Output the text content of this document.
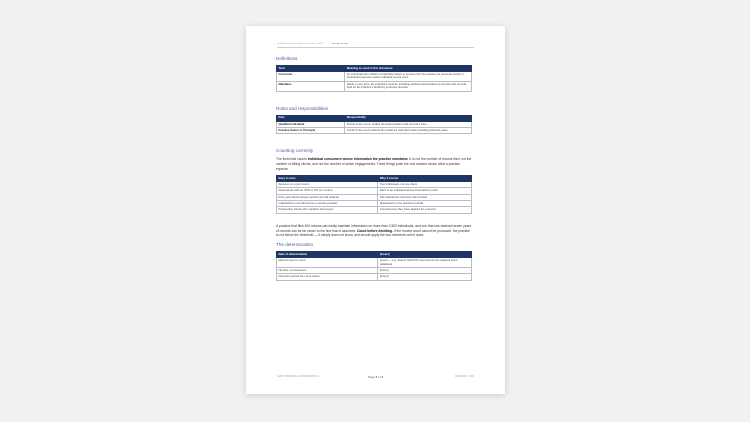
SmallBusinessFinancialPracticeCounts — 2022	Internal use only
Definitions
Term	Meaning as used in this document
Consumer	An individual who obtains a financial product or service from the practice for personal, family or household purposes. Each individual counts once.
Maintains	Holds, in any form, the practice's records, including archived and backed up records and records held on the practice's behalf by a service provider.
Roles and responsibilities
Role	Responsibility
Qualified Individual	Performs the count, makes the determination and records it here.
Practice Owner or Principal	Confirms the count reflects the practice's real client base including archived years.
Counting correctly

The threshold counts individual consumers whose information the practice maintains. It is not the number of returns filed, not the number of billing clients, and not the number of active engagements. Three things push the real number above what a practice expects:

Easy to miss	Why it counts
Spouses on a joint return	Two individuals, not one client
Dependents with an SSN or TIN on a return	Each is an individual whose information is held
Prior-year clients whose records are still retained	Still maintained, therefore still counted
Individuals in records held by a service provider	Maintained on the practice's behalf
Prospective clients who supplied documents	Counted once they have applied for a service

A practice that files 400 returns can easily maintain information on more than 2,500 individuals, and one that has retained seven years of records can be far closer to the line than it assumes. Count before deciding. If the honest count cannot be produced, the practice is not below the threshold — it simply does not know, and should apply the four elements until it does.

The determination
Date of determination	[Insert]
Method used to count	[Insert — e.g. distinct SSN/TIN count across the retained client database]
Number of consumers	[Insert]
Retention period the count spans	[Insert]
GLBA THRESHOLD DETERMINATION	Page 5 of 7	REVISION · 2024
